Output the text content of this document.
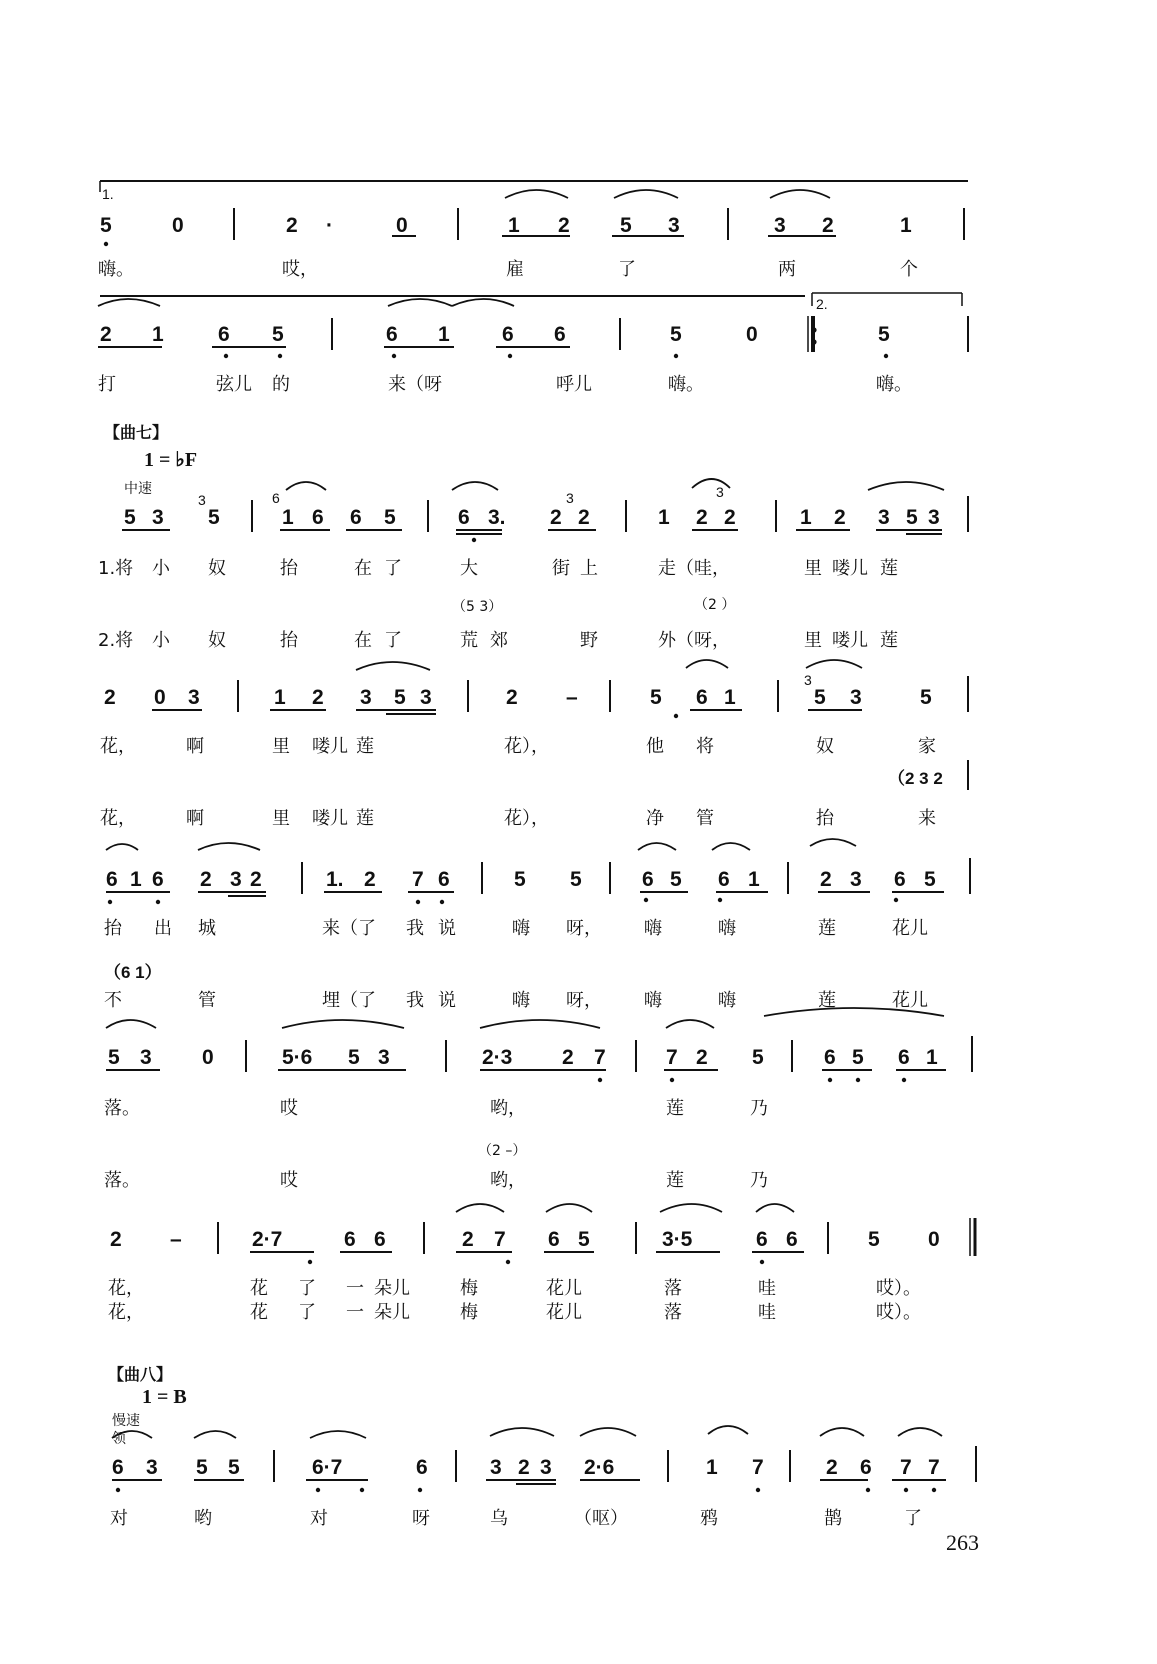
1.
2.
5	0	2 ·	0	1 2 5 3	3 2	1
嗨。	哎，	雇	了	两	个
2 1	6 5	6 1 6 6	5	0	5
打	弦儿 的	来（呀	呼儿	嗨。	嗨。
【曲七】
1 = ♭F
中速
3	6	3	3
5 3 5	1 6 6 5	6 3. 2 2	1 2 2	1 2 3 5 3
1.将 小 奴	抬	在 了	大	街 上	走（哇，	里 喽儿 莲
（5 3）	（2 ）
2.将 小 奴	抬	在 了	荒 郊	野	外（呀，	里 喽儿 莲
3
2 0 3	1 2 3 5 3	2 –	5 6 1	5 3	5
花，	啊	里 喽儿 莲	花），	他 将	奴	家
（2 3 2
花，	啊	里 喽儿 莲	花），	净 管	抬	来
6 1 6 2 3 2	1. 2 7 6	5 5	6 5 6 1	2 3 6 5
抬 出 城	来（了 我 说	嗨 呀， 嗨	嗨	莲	花儿
（6 1）
不	管	埋（了 我 说	嗨 呀， 嗨	嗨	莲	花儿
5 3 0	5·6 5 3	2·3 2 7	7 2 5	6 5 6 1
落。	哎	哟，	莲	乃
（2 –）
落。	哎	哟，	莲	乃
2 –	2·7	6 6	2 7 6 5	3·5	6 6	5 0
花，	花 了 一 朵儿	梅	花儿	落	哇	哎）。
花，	花 了 一 朵儿	梅	花儿	落	哇	哎）。
【曲八】
1 = B
慢速
领
6 3 5 5	6·7	6	3 2 3 2·6	1 7	2 6 7 7
对	哟	对	呀	乌	（呕）	鸦	鹊	了
263
